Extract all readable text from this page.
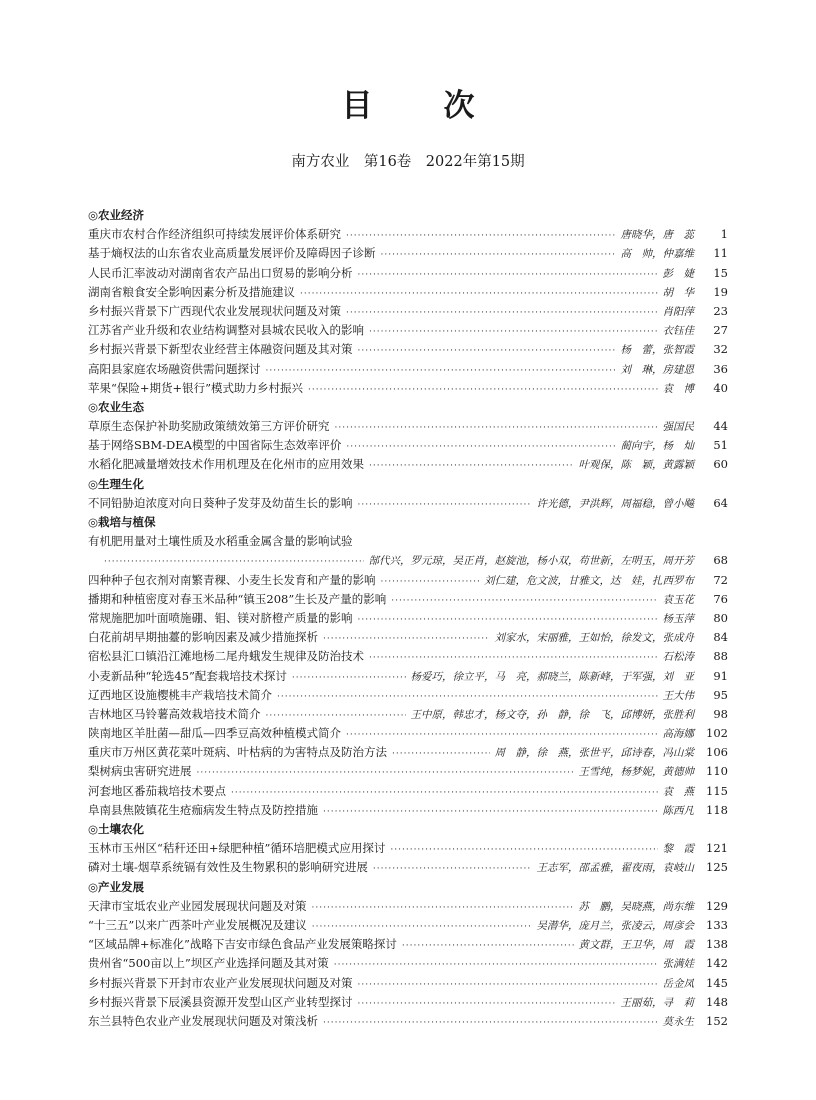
目　次
南方农业　第16卷　2022年第15期
◎农业经济
重庆市农村合作经济组织可持续发展评价体系研究 ·····	唐晓华，唐　蕊	1
基于熵权法的山东省农业高质量发展评价及障碍因子诊断 ·····	高　帅，仲嘉维	11
人民币汇率波动对湖南省农产品出口贸易的影响分析 ·····	彭　婕	15
湖南省粮食安全影响因素分析及措施建议 ·····	胡　华	19
乡村振兴背景下广西现代农业发展现状问题及对策 ·····	肖阳萍	23
江苏省产业升级和农业结构调整对县城农民收入的影响 ·····	衣钰佳	27
乡村振兴背景下新型农业经营主体融资问题及其对策 ·····	杨　蕾，张智霞	32
高阳县家庭农场融资供需问题探讨 ·····	刘　琳，房建恩	36
苹果“保险+期货+银行”模式助力乡村振兴 ·····	袁　博	40
◎农业生态
草原生态保护补助奖励政策绩效第三方评价研究 ·····	强国民	44
基于网络SBM-DEA模型的中国省际生态效率评价 ·····	蔺向宇，杨　灿	51
水稻化肥减量增效技术作用机理及在化州市的应用效果 ·····	叶观保，陈　颖，黄露颖	60
◎生理生化
不同铅胁迫浓度对向日葵种子发芽及幼苗生长的影响 ·····	许光德，尹洪辉，周福稳，曾小飚	64
◎栽培与植保
有机肥用量对土壤性质及水稻重金属含量的影响试验
·····
郜代兴，罗元琼，吴正肖，赵旋池，杨小双，苟世新，左明玉，周开芳	68
四种种子包衣剂对南繁青稞、小麦生长发育和产量的影响 ·····	刘仁建，危文波，甘雅文，达　娃，扎西罗布	72
播期和种植密度对春玉米品种“镇玉208”生长及产量的影响 ·····	袁玉花	76
常规施肥加叶面喷施硼、钼、镁对脐橙产质量的影响 ·····	杨玉萍	80
白花前胡早期抽薹的影响因素及减少措施探析 ·····	刘家水，宋丽雅，王如怡，徐发文，张成舟	84
宿松县汇口镇沿江滩地杨二尾舟蛾发生规律及防治技术 ·····	石松涛	88
小麦新品种“轮选45”配套栽培技术探讨 ·····	杨爱巧，徐立平，马　亮，郝晓兰，陈新峰，于军强，刘　亚	91
辽西地区设施樱桃丰产栽培技术简介 ·····	王大伟	95
吉林地区马铃薯高效栽培技术简介 ·····	王中原，韩忠才，杨文夺，孙　静，徐　飞，邱博妍，张胜利	98
陕南地区羊肚菌—甜瓜—四季豆高效种植模式简介 ·····	高海娜	102
重庆市万州区黄花菜叶斑病、叶枯病的为害特点及防治方法 ·····	周　静，徐　燕，张世平，邱诗春，冯山棠	106
梨树病虫害研究进展 ·····	王雪纯，杨梦妮，黄德帅	110
河套地区番茄栽培技术要点 ·····	袁　燕	115
阜南县焦陂镇花生疮痂病发生特点及防控措施 ·····	陈西凡	118
◎土壤农化
玉林市玉州区“秸秆还田+绿肥种植”循环培肥模式应用探讨 ·····	黎　霞	121
磷对土壤-烟草系统镉有效性及生物累积的影响研究进展 ·····	王志军，邵孟雅，翟夜雨，袁岐山	125
◎产业发展
天津市宝坻农业产业园发展现状问题及对策 ·····	苏　鹏，吴晓燕，尚东维	129
“十三五”以来广西茶叶产业发展概况及建议 ·····	吴潜华，庞月兰，张凌云，周彦会	133
“区域品牌+标准化”战略下吉安市绿色食品产业发展策略探讨 ·····	黄文群，王卫华，周　霞	138
贵州省“500亩以上”坝区产业选择问题及其对策 ·····	张满娃	142
乡村振兴背景下开封市农业产业发展现状问题及对策 ·····	岳金凤	145
乡村振兴背景下辰溪县资源开发型山区产业转型探讨 ·····	王丽茹，寻　莉	148
东兰县特色农业产业发展现状问题及对策浅析 ·····	莫永生	152
